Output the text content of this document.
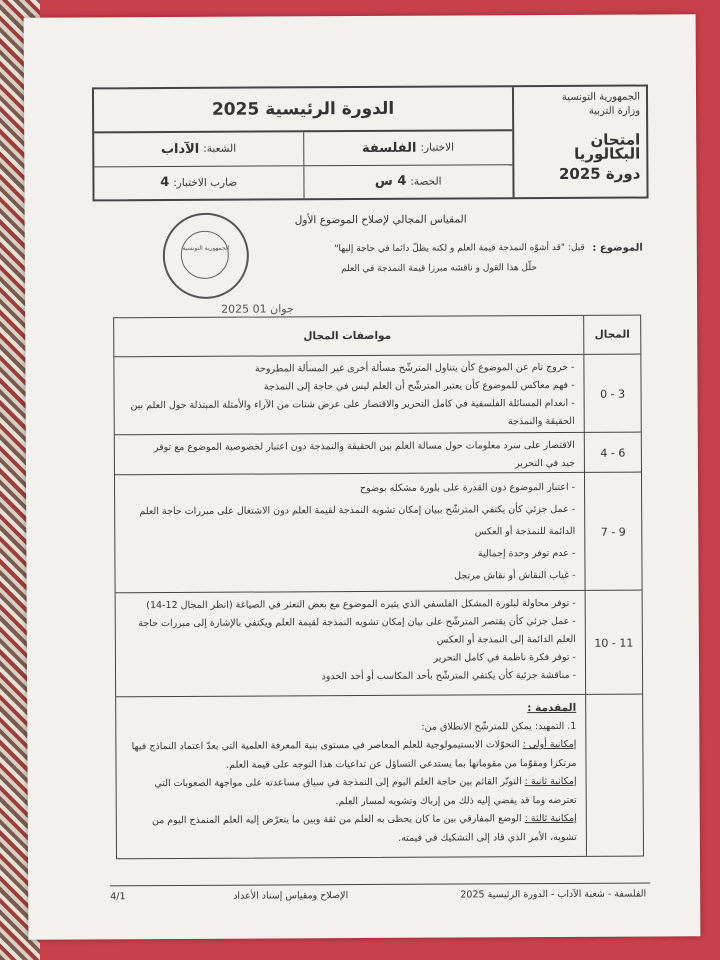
الجمهورية التونسية
وزارة التربية
امتحان البكالوريا
دورة 2025
الدورة الرئيسية 2025
الاختبار:
الفلسفة
الشعبة:
الآداب
الحصة:
4 س
ضارب الاختبار:
4
الجمهورية التونسية
المقياس المجالي لإصلاح الموضوع الأول
الموضوع :
قيل: "قد أشوّه النمذجة قيمة العلم و لكنه يظلّ دائما في حاجة إليها"
حلّل هذا القول و ناقشه مبرزا قيمة النمذجة في العلم
2025 جوان 01
المجال
مواصفات المجال
0 - 3

- خروج تام عن الموضوع كأن يتناول المترشّح مسألة أخرى غير المسألة المطروحة

- فهم معاكس للموضوع كأن يعتبر المترشّح أن العلم ليس في حاجة إلى النمذجة

- انعدام المسائلة الفلسفية في كامل التحرير والاقتصار على عرض شتات من الآراء والأمثلة المبتذلة حول العلم بين

الحقيقة والنمذجة

4 - 6

الاقتصار على سرد معلومات حول مسالة العلم بين الحقيقة والنمذجة دون اعتبار لخصوصية الموضوع مع توفر

جيد في التحرير

7 - 9

- اعتبار الموضوع دون القدرة على بلورة مشكله بوضوح

- عمل جزئي كأن يكتفي المترشّح ببيان إمكان تشويه النمذجة لقيمة العلم دون الاشتغال على مبررات حاجة العلم

الدائمة للنمذجة أو العكس

- عدم توفر وحدة إجمالية

- غياب النقاش أو نقاش مرتجل

10 - 11

- توفر محاولة لبلورة المشكل الفلسفي الذي يثيره الموضوع مع بعض التعثر في الصياغة (انظر المجال 12-14)

- عمل جزئي كأن يقتصر المترشّح على بيان إمكان تشويه النمذجة لقيمة العلم ويكتفي بالإشارة إلى مبررات حاجة

العلم الدائمة إلى النمذجة أو العكس

- توفر فكرة ناظمة في كامل التحرير

- مناقشة جزئية كأن يكتفي المترشّح بأحد المكاسب أو أحد الحدود

المقدمة :

1. التمهيد: يمكن للمترشّح الانطلاق من:

إمكانية أولى : التحوّلات الابستيمولوجية للعلم المعاصر في مستوى بنية المعرفة العلمية التي يعدّ اعتماد النماذج فيها

مرتكزا ومقوّما من مقوماتها بما يستدعي التساؤل عن تداعيات هذا التوجه على قيمة العلم.

إمكانية ثانية : التوتّر القائم بين حاجة العلم اليوم إلى النمذجة في سياق مساعدته على مواجهة الصعوبات التي

تعترضه وما قد يفضي إليه ذلك من إرباك وتشويه لمسار العلم.

إمكانية ثالثة : الوضع المفارقي بين ما كان يحظى به العلم من ثقة وبين ما يتعرّض إليه العلم المنمذج اليوم من

تشويه، الأمر الذي قاد إلى التشكيك في قيمته.

الفلسفة - شعبة الآداب - الدورة الرئيسية 2025
الإصلاح ومقياس إسناد الأعداد
4/1
